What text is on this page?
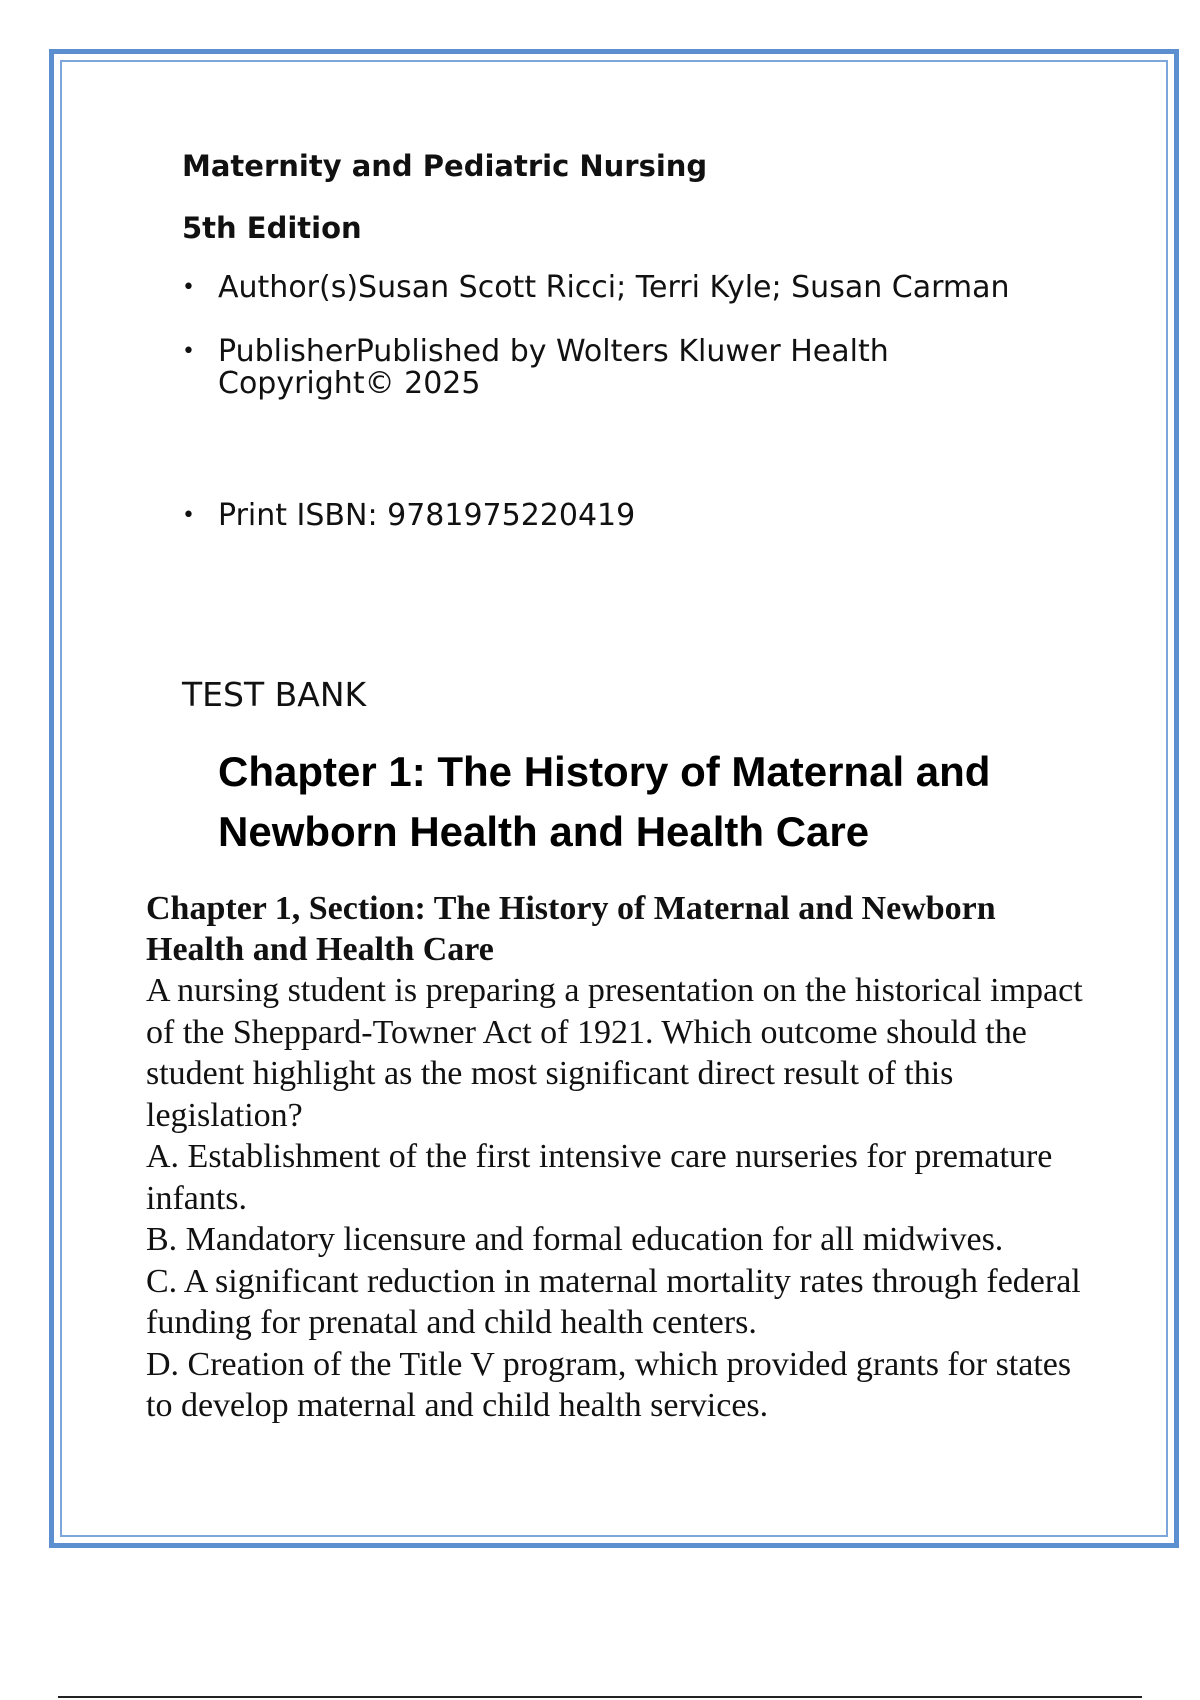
Maternity and Pediatric Nursing

5th Edition

• Author(s)Susan Scott Ricci; Terri Kyle; Susan Carman
• PublisherPublished by Wolters Kluwer Health Copyright© 2025
• Print ISBN: 9781975220419
TEST BANK
Chapter 1: The History of Maternal and Newborn Health and Health Care

Chapter 1, Section: The History of Maternal and Newborn Health and Health Care

A nursing student is preparing a presentation on the historical impact of the Sheppard-Towner Act of 1921. Which outcome should the student highlight as the most significant direct result of this legislation?

A. Establishment of the first intensive care nurseries for premature infants.

B. Mandatory licensure and formal education for all midwives.

C. A significant reduction in maternal mortality rates through federal funding for prenatal and child health centers.

D. Creation of the Title V program, which provided grants for states to develop maternal and child health services.
